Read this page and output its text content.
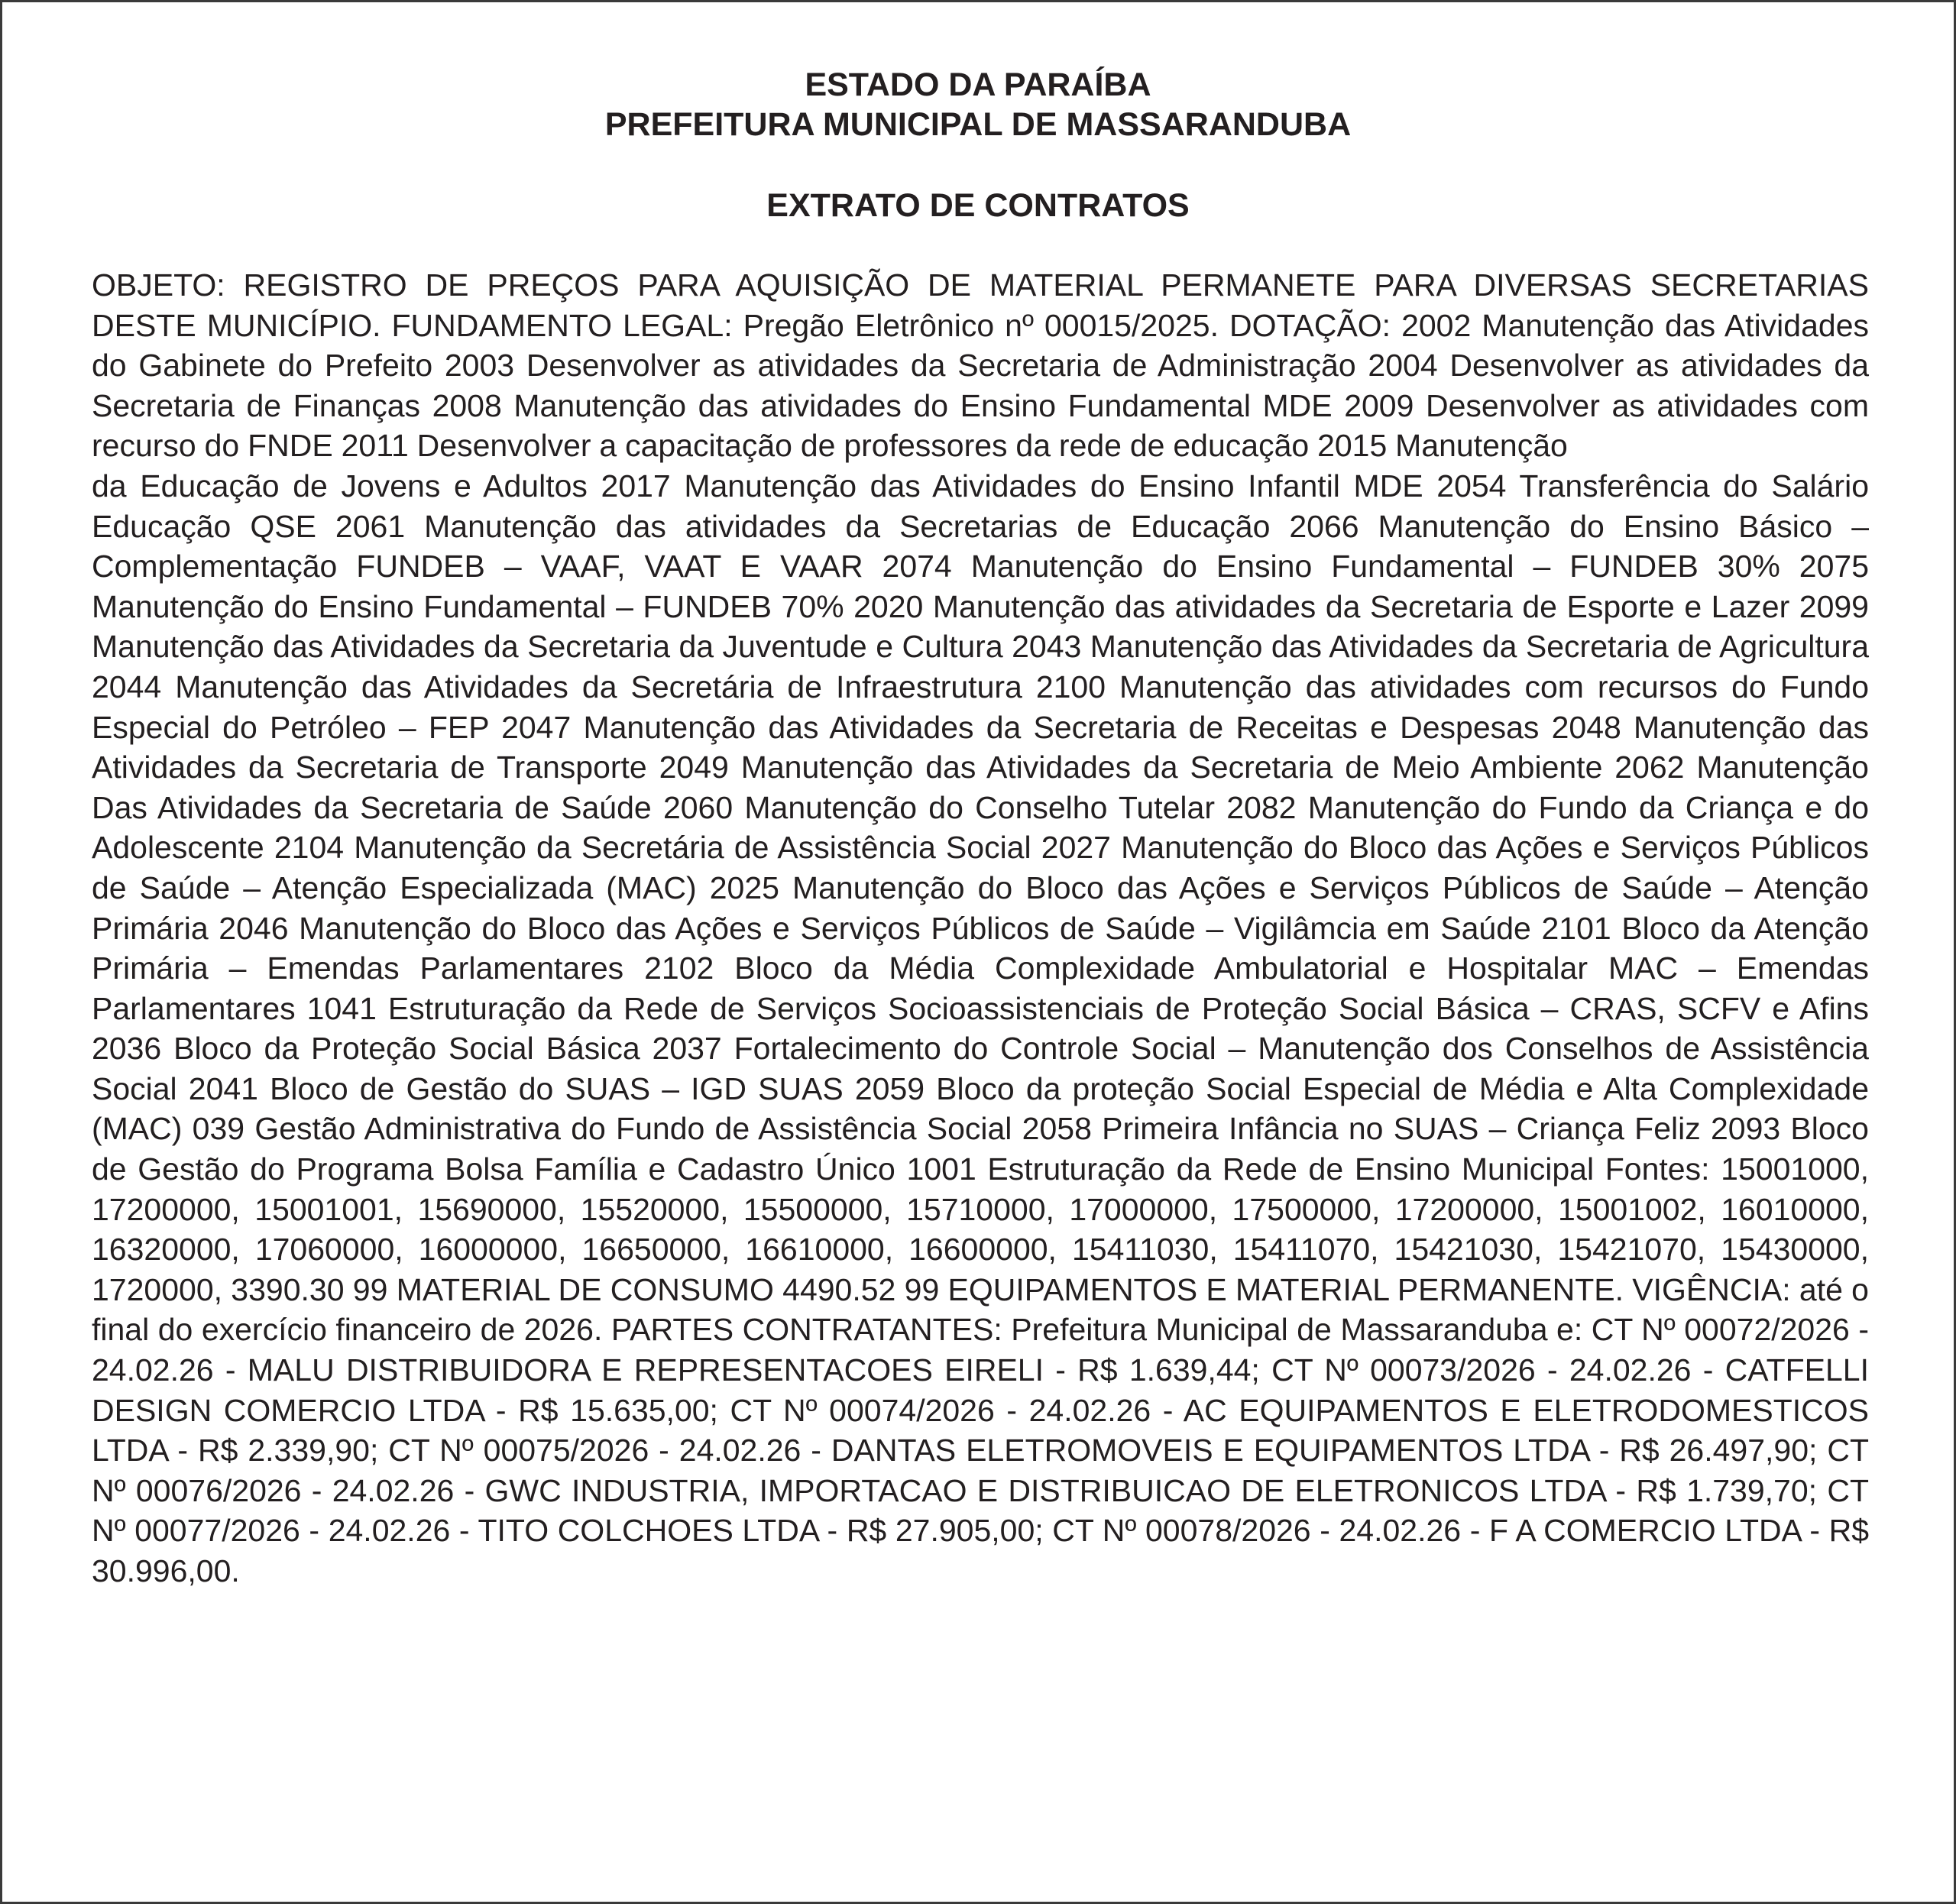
ESTADO DA PARAÍBA
PREFEITURA MUNICIPAL DE MASSARANDUBA
EXTRATO DE CONTRATOS

OBJETO: REGISTRO DE PREÇOS PARA AQUISIÇÃO DE MATERIAL PERMANETE PARA DIVERSAS SECRETARIAS DESTE MUNICÍPIO. FUNDAMENTO LEGAL: Pregão Eletrônico nº 00015/2025. DOTAÇÃO: 2002 Manutenção das Atividades do Gabinete do Prefeito 2003 Desenvolver as atividades da Secretaria de Administração 2004 Desenvolver as atividades da Secretaria de Finanças 2008 Manutenção das atividades do Ensino Fundamental MDE 2009 Desenvolver as atividades com recurso do FNDE 2011 Desenvolver a capacitação de professores da rede de educação 2015 Manutenção

da Educação de Jovens e Adultos 2017 Manutenção das Atividades do Ensino Infantil MDE 2054 Transferência do Salário Educação QSE 2061 Manutenção das atividades da Secretarias de Educação 2066 Manutenção do Ensino Básico – Complementação FUNDEB – VAAF, VAAT E VAAR 2074 Manutenção do Ensino Fundamental – FUNDEB 30% 2075 Manutenção do Ensino Fundamental – FUNDEB 70% 2020 Manutenção das atividades da Secretaria de Esporte e Lazer 2099 Manutenção das Atividades da Secretaria da Juventude e Cultura 2043 Manutenção das Atividades da Secretaria de Agricultura 2044 Manutenção das Atividades da Secretária de Infraestrutura 2100 Manutenção das atividades com recursos do Fundo Especial do Petróleo – FEP 2047 Manutenção das Atividades da Secretaria de Receitas e Despesas 2048 Manutenção das Atividades da Secretaria de Transporte 2049 Manutenção das Atividades da Secretaria de Meio Ambiente 2062 Manutenção Das Atividades da Secretaria de Saúde 2060 Manutenção do Conselho Tutelar 2082 Manutenção do Fundo da Criança e do Adolescente 2104 Manutenção da Secretária de Assistência Social 2027 Manutenção do Bloco das Ações e Serviços Públicos de Saúde – Atenção Especializada (MAC) 2025 Manutenção do Bloco das Ações e Serviços Públicos de Saúde – Atenção Primária 2046 Manutenção do Bloco das Ações e Serviços Públicos de Saúde – Vigilâmcia em Saúde 2101 Bloco da Atenção Primária – Emendas Parlamentares 2102 Bloco da Média Complexidade Ambulatorial e Hospitalar MAC – Emendas Parlamentares 1041 Estruturação da Rede de Serviços Socioassistenciais de Proteção Social Básica – CRAS, SCFV e Afins 2036 Bloco da Proteção Social Básica 2037 Fortalecimento do Controle Social – Manutenção dos Conselhos de Assistência Social 2041 Bloco de Gestão do SUAS – IGD SUAS 2059 Bloco da proteção Social Especial de Média e Alta Complexidade (MAC) 039 Gestão Administrativa do Fundo de Assistência Social 2058 Primeira Infância no SUAS – Criança Feliz 2093 Bloco de Gestão do Programa Bolsa Família e Cadastro Único 1001 Estruturação da Rede de Ensino Municipal Fontes: 15001000, 17200000, 15001001, 15690000, 15520000, 15500000, 15710000, 17000000, 17500000, 17200000, 15001002, 16010000, 16320000, 17060000, 16000000, 16650000, 16610000, 16600000, 15411030, 15411070, 15421030, 15421070, 15430000, 1720000, 3390.30 99 MATERIAL DE CONSUMO 4490.52 99 EQUIPAMENTOS E MATERIAL PERMANENTE. VIGÊNCIA: até o final do exercício financeiro de 2026. PARTES CONTRATANTES: Prefeitura Municipal de Massaranduba e: CT Nº 00072/2026 - 24.02.26 - MALU DISTRIBUIDORA E REPRESENTACOES EIRELI - R$ 1.639,44; CT Nº 00073/2026 - 24.02.26 - CATFELLI DESIGN COMERCIO LTDA - R$ 15.635,00; CT Nº 00074/2026 - 24.02.26 - AC EQUIPAMENTOS E ELETRODOMESTICOS LTDA - R$ 2.339,90; CT Nº 00075/2026 - 24.02.26 - DANTAS ELETROMOVEIS E EQUIPAMENTOS LTDA - R$ 26.497,90; CT Nº 00076/2026 - 24.02.26 - GWC INDUSTRIA, IMPORTACAO E DISTRIBUICAO DE ELETRONICOS LTDA - R$ 1.739,70; CT Nº 00077/2026 - 24.02.26 - TITO COLCHOES LTDA - R$ 27.905,00; CT Nº 00078/2026 - 24.02.26 - F A COMERCIO LTDA - R$ 30.996,00.
